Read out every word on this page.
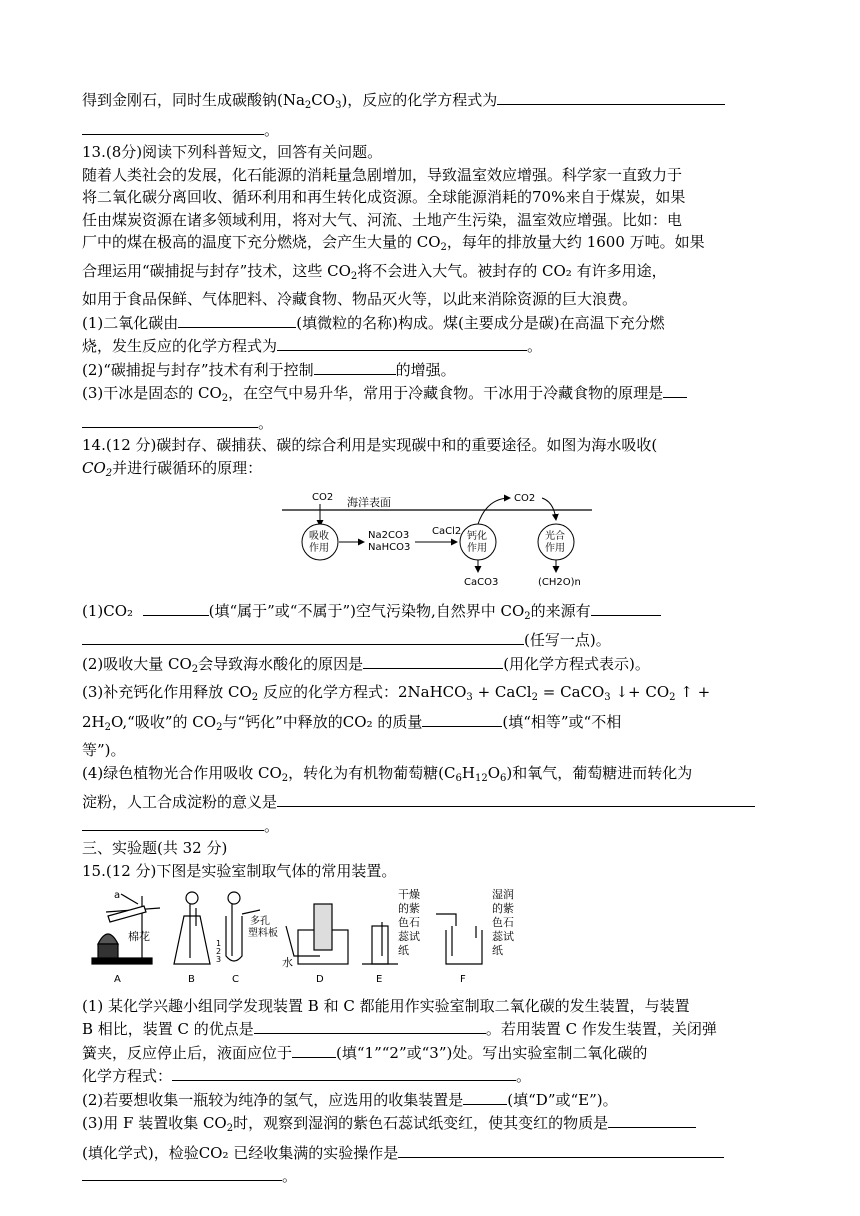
得到金刚石，同时生成碳酸钠$(Na_2CO_3)$，反应的化学方程式为

。

13.(8分)阅读下列科普短文，回答有关问题。

随着人类社会的发展，化石能源的消耗量急剧增加，导致温室效应增强。科学家一直致力于
将二氧化碳分离回收、循环利用和再生转化成资源。全球能源消耗的70%来自于煤炭，如果
任由煤炭资源在诸多领域利用，将对大气、河流、土地产生污染，温室效应增强。比如：电
厂中的煤在极高的温度下充分燃烧，会产生大量的 $CO_2$，每年的排放量大约 1600 万吨。如果
合理运用“碳捕捉与封存”技术，这些 $CO_2$将不会进入大气。被封存的 CO₂ 有许多用途，
如用于食品保鲜、气体肥料、冷藏食物、物品灭火等，以此来消除资源的巨大浪费。

(1)二氧化碳由	(填微粒的名称)构成。煤(主要成分是碳)在高温下充分燃
烧，发生反应的化学方程式为	。

(2)“碳捕捉与封存”技术有利于控制	的增强。

(3)干冰是固态的 $CO_2$，在空气中易升华，常用于冷藏食物。干冰用于冷藏食物的原理是
。

14.(12 分)碳封存、碳捕获、碳的综合利用是实现碳中和的重要途径。如图为海水吸收(
$CO_2$并进行碳循环的原理：

CO2 海洋表面
吸收
作用
Na2CO3
NaHCO3
CaCl2 钙化
作用
CO2
光合
作用
CaCO3	(CH2O)n

(1)CO₂	(填“属于”或“不属于”)空气污染物,自然界中 $CO_2$的来源有
(任写一点)。

(2)吸收大量 $CO_2$会导致海水酸化的原因是	(用化学方程式表示)。

(3)补充钙化作用释放 $CO_2$ 反应的化学方程式：2NaHCO$_3$ + CaCl$_2$ = CaCO$_3$ ↓+ $CO_2$ ↑ +
$2H_2O,“$吸收”的 $CO_2$与“钙化”中释放的CO₂ 的质量	(填“相等”或“不相
等”)。

(4)绿色植物光合作用吸收 $CO_2$，转化为有机物葡萄糖$(C_6H_{12}O_6)$和氧气，葡萄糖进而转化为
淀粉，人工合成淀粉的意义是
。

三、实验题(共 32 分)

15.(12 分)下图是实验室制取气体的常用装置。

a
棉花
A	B
多孔
塑料板
1
2
3
C
水
D	E
干燥
的紫
色石
蕊试
纸
F
湿润
的紫
色石
蕊试
纸

(1) 某化学兴趣小组同学发现装置 B 和 C 都能用作实验室制取二氧化碳的发生装置，与装置
B 相比，装置 C 的优点是	。若用装置 C 作发生装置，关闭弹
簧夹，反应停止后，液面应位于	(填“1”“2”或“3”)处。写出实验室制二氧化碳的
化学方程式：	。

(2)若要想收集一瓶较为纯净的氢气，应选用的收集装置是	(填“D”或“E”)。

(3)用 F 装置收集 $CO_2$时，观察到湿润的紫色石蕊试纸变红，使其变红的物质是
(填化学式)，检验CO₂ 已经收集满的实验操作是
。
